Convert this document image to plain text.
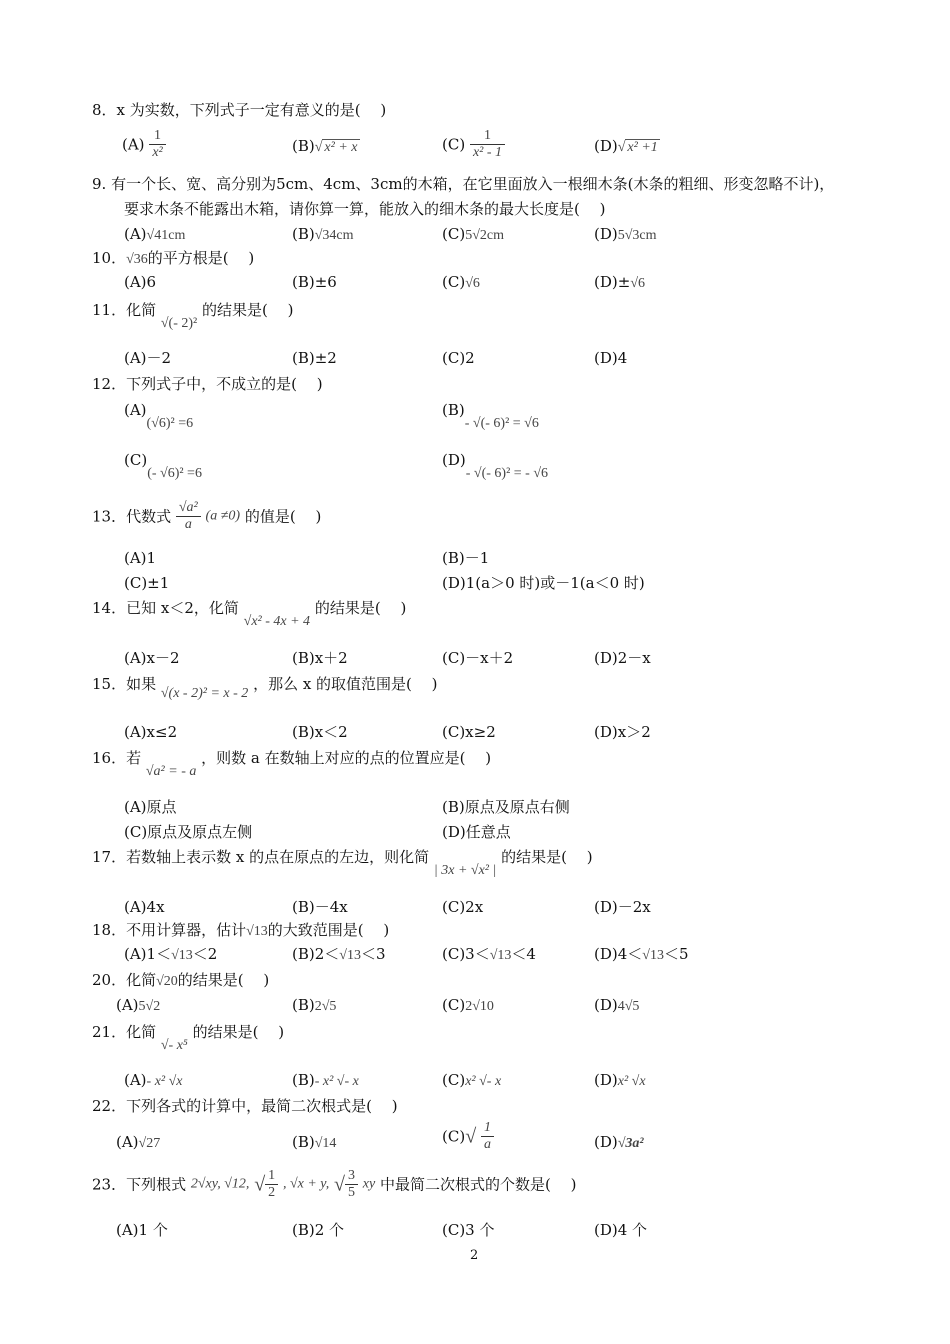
8．x 为实数，下列式子一定有意义的是(　 )
$(A) \frac{1}{\text{x²}}$	(B)√ x² + x	$(C) \frac{1}{\text{x² - 1}}$	(D)√ x² +1
9. 有一个长、宽、高分别为5cm、4cm、3cm的木箱，在它里面放入一根细木条(木条的粗细、形变忽略不计)，
要求木条不能露出木箱，请你算一算，能放入的细木条的最大长度是(　 )
(A)√41cm	(B)√34cm	(C)5√2cm	(D)5√3cm
10．√36的平方根是(　 )
(A)6	(B)±6	(C)√6	(D)±√6
11．化简 √(- 2)² 的结果是(　 )
(A)－2	(B)±2	(C)2	(D)4
12．下列式子中，不成立的是(　 )
(A)(√6)² =6
(B)- √(- 6)² = √6
(C)(- √6)² =6
(D)- √(- 6)² = - √6
13．代数式 $\frac{\text{√a²}}{a} (a \ne 0)$ 的值是(　 )
(A)1	(B)－1
(C)±1	(D)1(a＞0 时)或－1(a＜0 时)
14．已知 x＜2，化简 √x² - 4x + 4 的结果是(　 )
(A)x－2	(B)x＋2	(C)－x＋2	(D)2－x
15．如果 √(x - 2)² = x - 2 ，那么 x 的取值范围是(　 )
(A)x≤2	(B)x＜2	(C)x≥2	(D)x＞2
16．若 √a² = - a ，则数 a 在数轴上对应的点的位置应是(　 )
(A)原点	(B)原点及原点右侧
(C)原点及原点左侧	(D)任意点
17．若数轴上表示数 x 的点在原点的左边，则化简 | 3x + √x² | 的结果是(　 )
(A)4x	(B)－4x	(C)2x	(D)－2x
18．不用计算器，估计√13的大致范围是(　 )
(A)1＜√13＜2	(B)2＜√13＜3	(C)3＜√13＜4	(D)4＜√13＜5
20．化简√20的结果是(　 )
(A)5√2	(B)2√5	(C)2√10	(D)4√5
21．化简 √- x⁵ 的结果是(　 )
(A)- x² √x	(B)- x² √- x	(C)x² √- x	(D)x² √x
22．下列各式的计算中，最简二次根式是(　 )
(A)√27	(B)√14	$(C)√ \frac{1}{a}$	(D)√3a²
23．下列根式 2√xy, √12, √ $\frac{1}{2}$ , √x + y, √ $\frac{3}{5}$ xy 中最简二次根式的个数是(　 )
(A)1 个	(B)2 个	(C)3 个	(D)4 个
2
